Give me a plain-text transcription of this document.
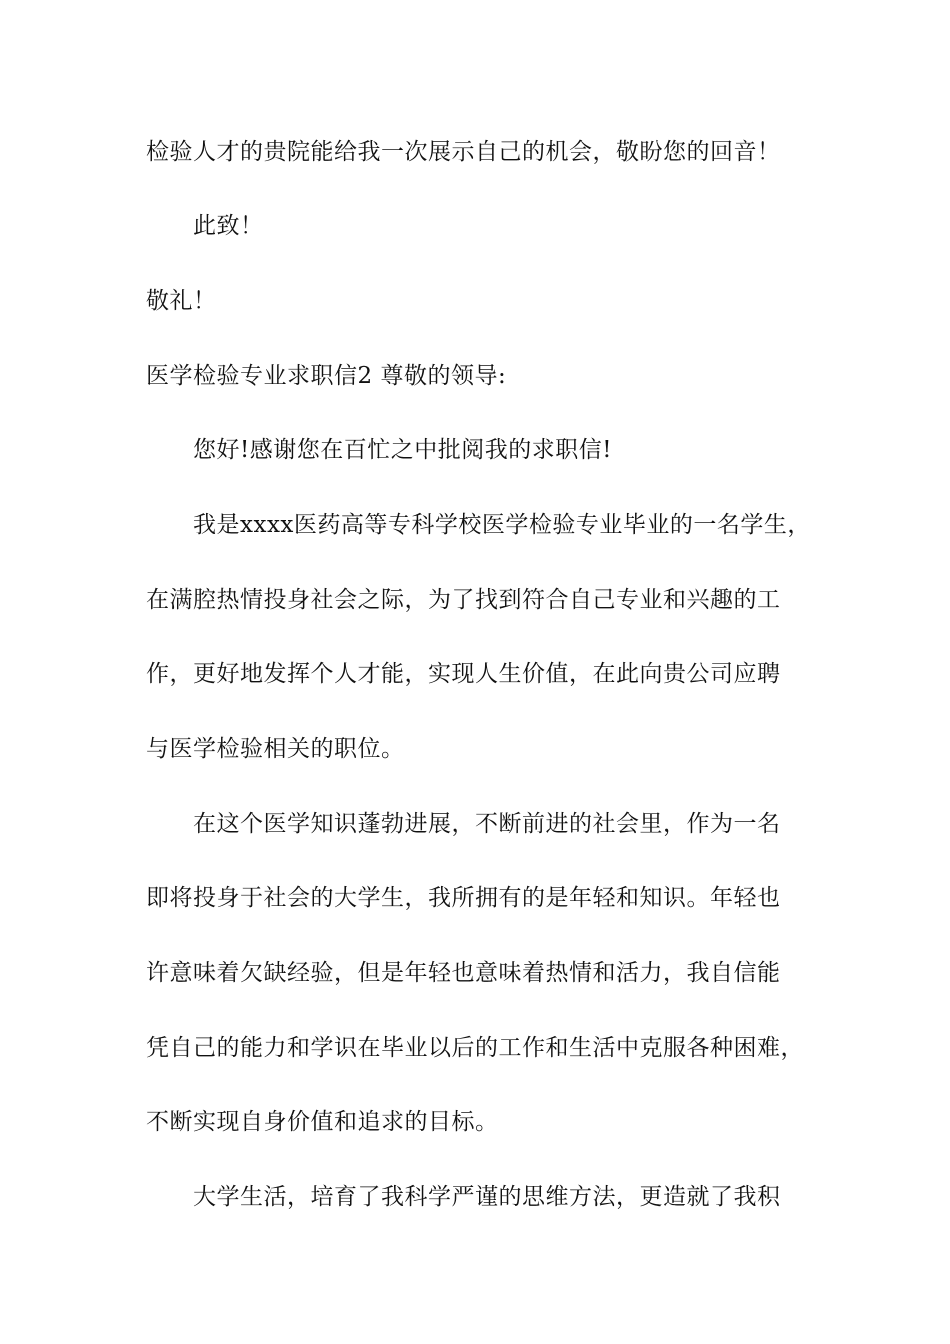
检验人才的贵院能给我一次展示自己的机会，敬盼您的回音！
此致！
敬礼！
医学检验专业求职信2 尊敬的领导:
您好!感谢您在百忙之中批阅我的求职信!
我是xxxx医药高等专科学校医学检验专业毕业的一名学生，
在满腔热情投身社会之际，为了找到符合自己专业和兴趣的工
作，更好地发挥个人才能，实现人生价值，在此向贵公司应聘
与医学检验相关的职位。
在这个医学知识蓬勃进展，不断前进的社会里，作为一名
即将投身于社会的大学生，我所拥有的是年轻和知识。年轻也
许意味着欠缺经验，但是年轻也意味着热情和活力，我自信能
凭自己的能力和学识在毕业以后的工作和生活中克服各种困难，
不断实现自身价值和追求的目标。
大学生活，培育了我科学严谨的思维方法，更造就了我积
